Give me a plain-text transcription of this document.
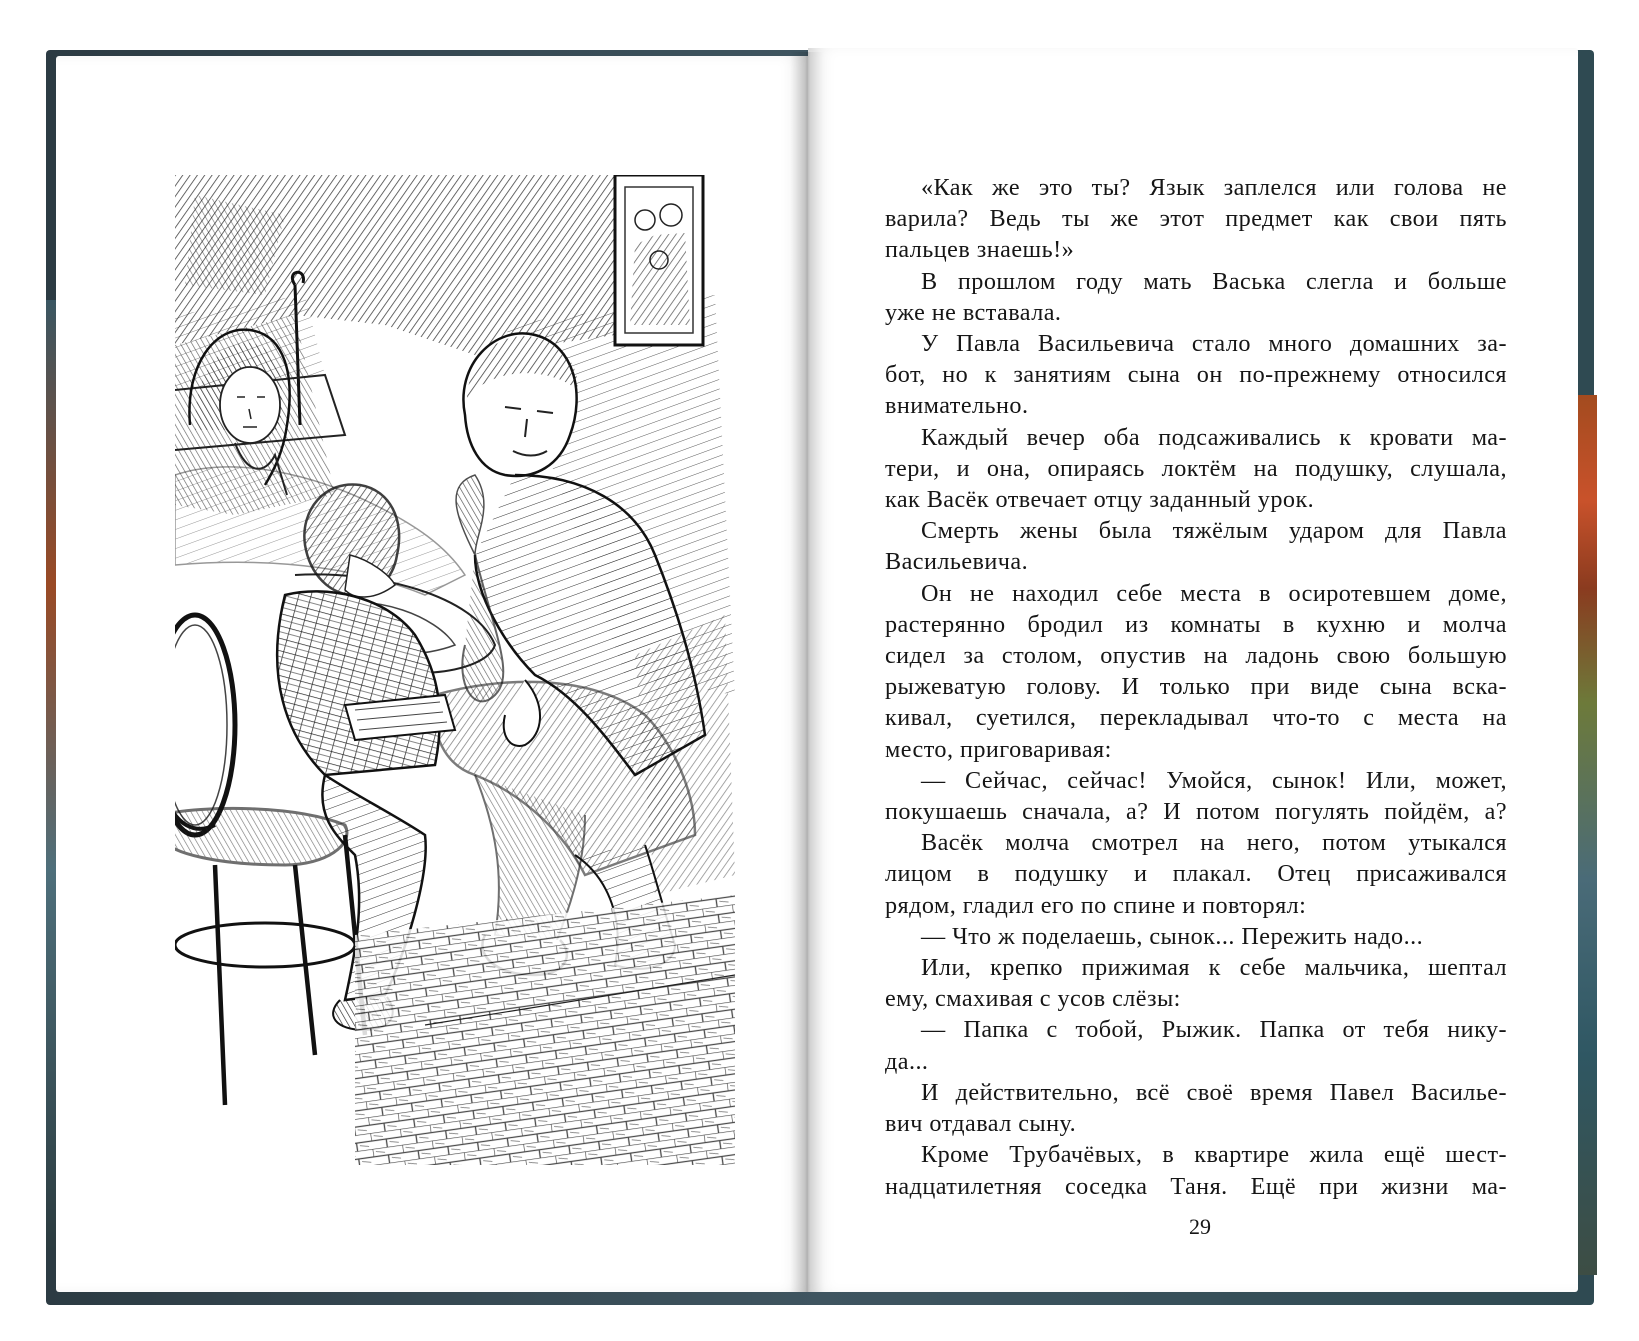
«Как же это ты? Язык заплелся или голова не
варила? Ведь ты же этот предмет как свои пять
пальцев знаешь!»
В прошлом году мать Васька слегла и больше
уже не вставала.
У Павла Васильевича стало много домашних за-
бот, но к занятиям сына он по-прежнему относился
внимательно.
Каждый вечер оба подсаживались к кровати ма-
тери, и она, опираясь локтём на подушку, слушала,
как Васёк отвечает отцу заданный урок.
Смерть жены была тяжёлым ударом для Павла
Васильевича.
Он не находил себе места в осиротевшем доме,
растерянно бродил из комнаты в кухню и молча
сидел за столом, опустив на ладонь свою большую
рыжеватую голову. И только при виде сына вска-
кивал, суетился, перекладывал что-то с места на
место, приговаривая:
— Сейчас, сейчас! Умойся, сынок! Или, может,
покушаешь сначала, а? И потом погулять пойдём, а?
Васёк молча смотрел на него, потом утыкался
лицом в подушку и плакал. Отец присаживался
рядом, гладил его по спине и повторял:
— Что ж поделаешь, сынок... Пережить надо...
Или, крепко прижимая к себе мальчика, шептал
ему, смахивая с усов слёзы:
— Папка с тобой, Рыжик. Папка от тебя нику-
да...
И действительно, всё своё время Павел Василье-
вич отдавал сыну.
Кроме Трубачёвых, в квартире жила ещё шест-
надцатилетняя соседка Таня. Ещё при жизни ма-
29
